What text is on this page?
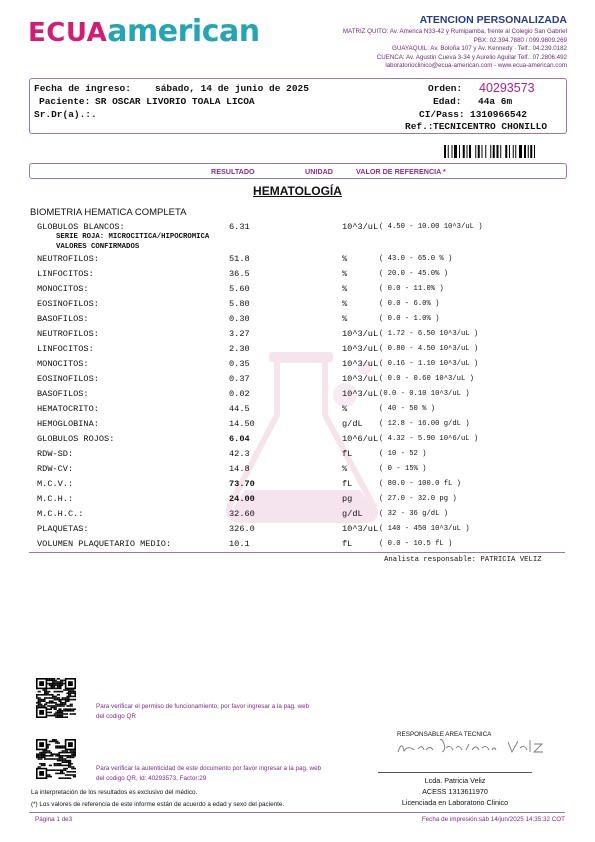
ECUAamerican	ATENCION PERSONALIZADA
MATRIZ QUITO: Av. America N33-42 y Rumipamba, frente al Colegio San Gabriel
PBX: 02.394.7880 / 099.9809.269
GUAYAQUIL: Av. Boloña 107 y Av. Kennedy · Telf.: 04.239.0182
CUENCA: Av. Agustin Cueva 3-34 y Aurelio Aguilar Telf.: 07.2806.492
laboratorioclinico@ecua-american.com - www.ecua-american.com
Fecha de ingreso:	sábado, 14 de junio de 2025
Paciente: SR OSCAR LIVORIO TOALA LICOA
Sr.Dr(a).:.
Orden: 40293573
Edad: 44a 6m
CI/Pass: 1310966542
Ref.: TECNICENTRO CHONILLO
RESULTADO	UNIDAD	VALOR DE REFERENCIA *
HEMATOLOGÍA
BIOMETRIA HEMATICA COMPLETA
SERIE ROJA: MICROCITICA/HIPOCROMICA
VALORES CONFIRMADOS
GLOBULOS BLANCOS:	6.31	10^3/uL ( 4.50 - 10.00 10^3/uL )
NEUTROFILOS:	51.8	%	( 43.0 - 65.0 % )
LINFOCITOS:	36.5	%	( 20.0 - 45.0% )
MONOCITOS:	5.60	%	( 0.0 - 11.0% )
EOSINOFILOS:	5.80	%	( 0.0 - 6.0% )
BASOFILOS:	0.30	%	( 0.0 - 1.0% )
NEUTROFILOS:	3.27	10^3/uL ( 1.72 - 6.50 10^3/uL )
LINFOCITOS:	2.30	10^3/uL ( 0.80 - 4.50 10^3/uL )
MONOCITOS:	0.35	10^3/uL ( 0.16 - 1.10 10^3/uL )
EOSINOFILOS:	0.37	10^3/uL ( 0.0 - 0.60 10^3/uL )
BASOFILOS:	0.02	10^3/uL (0.0 - 0.10 10^3/uL )
HEMATOCRITO:	44.5	%	( 40 - 50 % )
HEMOGLOBINA:	14.50	g/dL ( 12.8 - 16.00 g/dL )
GLOBULOS ROJOS:	6.04	10^6/uL ( 4.32 - 5.90 10^6/uL )
RDW-SD:	42.3	fL	( 10 - 52 )
RDW-CV:	14.8	%	( 0 - 15% )
M.C.V.:	73.70	fL	( 80.0 - 100.0 fL )
M.C.H.:	24.00	pg	( 27.0 - 32.0 pg )
M.C.H.C.:	32.60	g/dL ( 32 - 36 g/dL )
PLAQUETAS:	326.0	10^3/uL ( 140 - 450 10^3/uL )
VOLUMEN PLAQUETARIO MEDIO:	10.1	fL	( 0.0 - 10.5 fL )
Analista responsable: PATRICIA VELIZ
Para verificar el permiso de funcionamiento, por favor ingresar a la pag. web
del codigo QR
Para verificar la autenticidad de este documento por favor ingresar a la pag. web
del codigo QR, Id: 40293573, Factor:29
La interpretación de los resultados es exclusivo del médico.
(*) Los valores de referencia de este informe están de acuerdo a edad y sexo del paciente.
RESPONSABLE AREA TECNICA
Lcda. Patricia Veliz
ACESS 1313611970
Licenciada en Laboratorio Clinico
Página 1 de3	Fecha de impresión:sáb 14/jun/2025 14:35:32 COT
